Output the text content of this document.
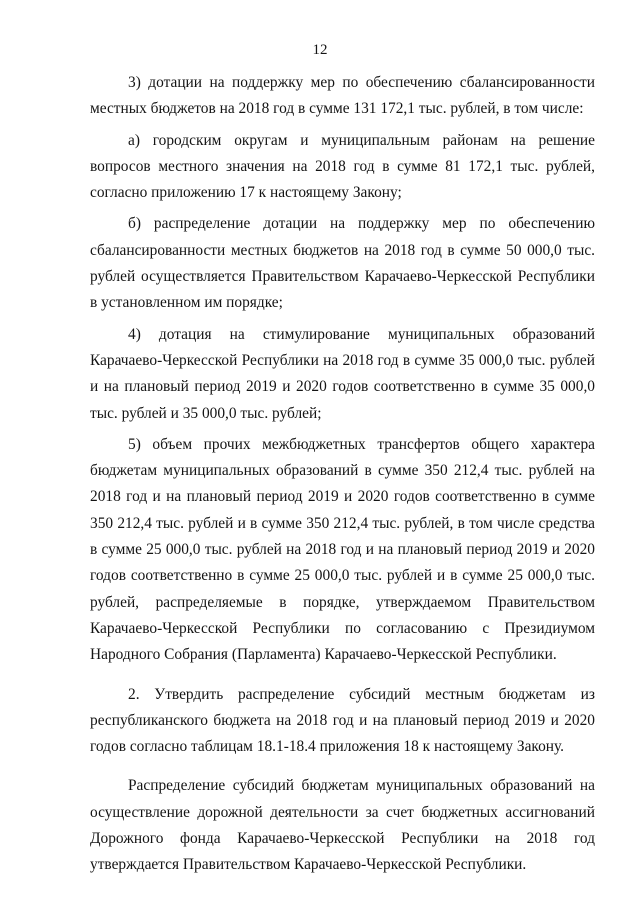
12

3) дотации на поддержку мер по обеспечению сбалансированности местных бюджетов на 2018 год в сумме 131 172,1 тыс. рублей, в том числе:

а) городским округам и муниципальным районам на решение вопросов местного значения на 2018 год в сумме 81 172,1 тыс. рублей, согласно приложению 17 к настоящему Закону;

б) распределение дотации на поддержку мер по обеспечению сбалансированности местных бюджетов на 2018 год в сумме 50 000,0 тыс. рублей осуществляется Правительством Карачаево-Черкесской Республики в установленном им порядке;

4) дотация на стимулирование муниципальных образований Карачаево-Черкесской Республики на 2018 год в сумме 35 000,0 тыс. рублей и на плановый период 2019 и 2020 годов соответственно в сумме 35 000,0 тыс. рублей и 35 000,0 тыс. рублей;

5) объем прочих межбюджетных трансфертов общего характера бюджетам муниципальных образований в сумме 350 212,4 тыс. рублей на 2018 год и на плановый период 2019 и 2020 годов соответственно в сумме 350 212,4 тыс. рублей и в сумме 350 212,4 тыс. рублей, в том числе средства в сумме 25 000,0 тыс. рублей на 2018 год и на плановый период 2019 и 2020 годов соответственно в сумме 25 000,0 тыс. рублей и в сумме 25 000,0 тыс. рублей, распределяемые в порядке, утверждаемом Правительством Карачаево-Черкесской Республики по согласованию с Президиумом Народного Собрания (Парламента) Карачаево-Черкесской Республики.

2. Утвердить распределение субсидий местным бюджетам из республиканского бюджета на 2018 год и на плановый период 2019 и 2020 годов согласно таблицам 18.1-18.4 приложения 18 к настоящему Закону.

Распределение субсидий бюджетам муниципальных образований на осуществление дорожной деятельности за счет бюджетных ассигнований Дорожного фонда Карачаево-Черкесской Республики на 2018 год утверждается Правительством Карачаево-Черкесской Республики.
